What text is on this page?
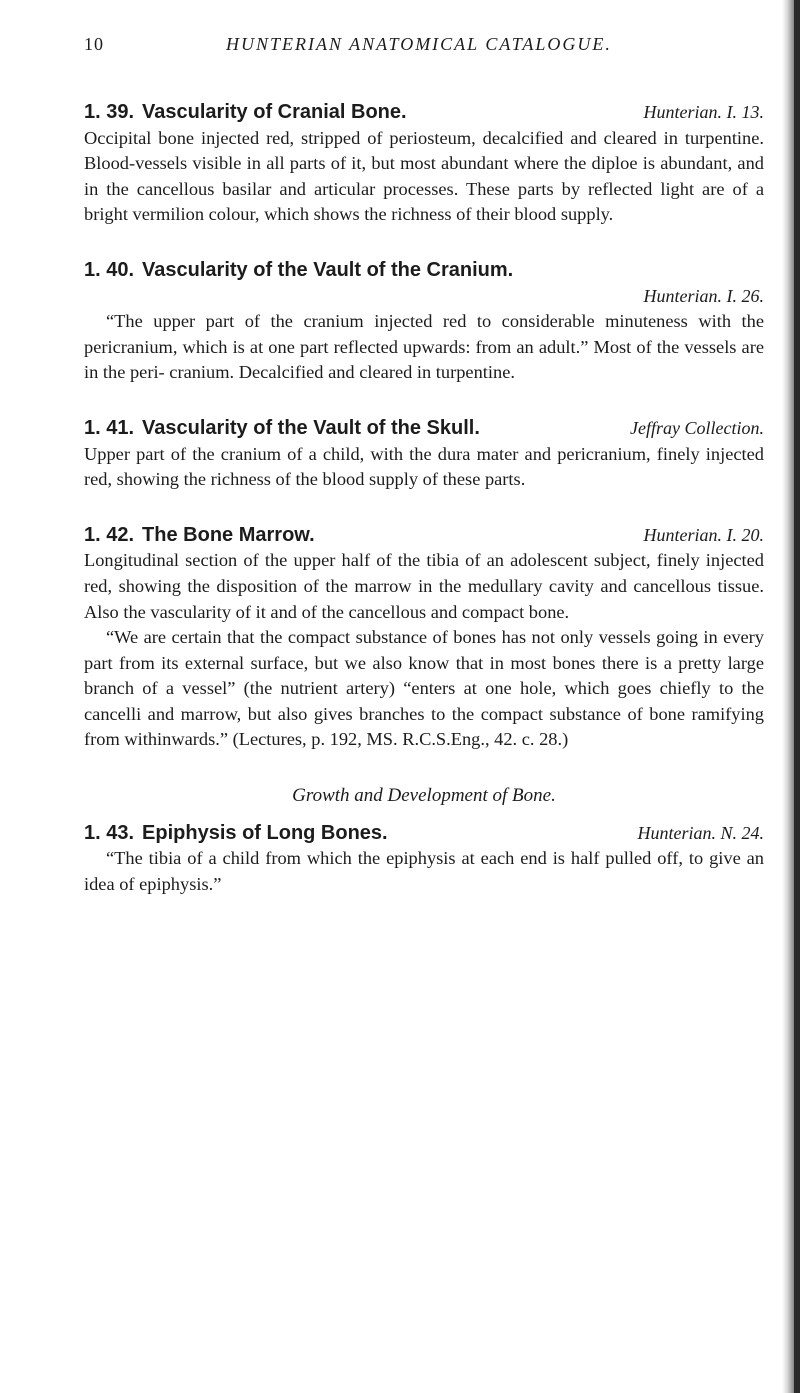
10	HUNTERIAN ANATOMICAL CATALOGUE.
1. 39. Vascularity of Cranial Bone.	Hunterian. I. 13.

Occipital bone injected red, stripped of periosteum, decalcified and cleared in turpentine. Blood-vessels visible in all parts of it, but most abundant where the diploe is abundant, and in the cancellous basilar and articular processes. These parts by reflected light are of a bright vermilion colour, which shows the richness of their blood supply.

1. 40. Vascularity of the Vault of the Cranium.
Hunterian. I. 26.

“The upper part of the cranium injected red to considerable minuteness with the pericranium, which is at one part reflected upwards: from an adult.” Most of the vessels are in the peri- cranium. Decalcified and cleared in turpentine.

1. 41. Vascularity of the Vault of the Skull.	Jeffray Collection.

Upper part of the cranium of a child, with the dura mater and pericranium, finely injected red, showing the richness of the blood supply of these parts.

1. 42. The Bone Marrow.	Hunterian. I. 20.

Longitudinal section of the upper half of the tibia of an adolescent subject, finely injected red, showing the disposition of the marrow in the medullary cavity and cancellous tissue. Also the vascularity of it and of the cancellous and compact bone.

“We are certain that the compact substance of bones has not only vessels going in every part from its external surface, but we also know that in most bones there is a pretty large branch of a vessel” (the nutrient artery) “enters at one hole, which goes chiefly to the cancelli and marrow, but also gives branches to the compact substance of bone ramifying from withinwards.” (Lectures, p. 192, MS. R.C.S.Eng., 42. c. 28.)

Growth and Development of Bone.
1. 43. Epiphysis of Long Bones.	Hunterian. N. 24.

“The tibia of a child from which the epiphysis at each end is half pulled off, to give an idea of epiphysis.”
